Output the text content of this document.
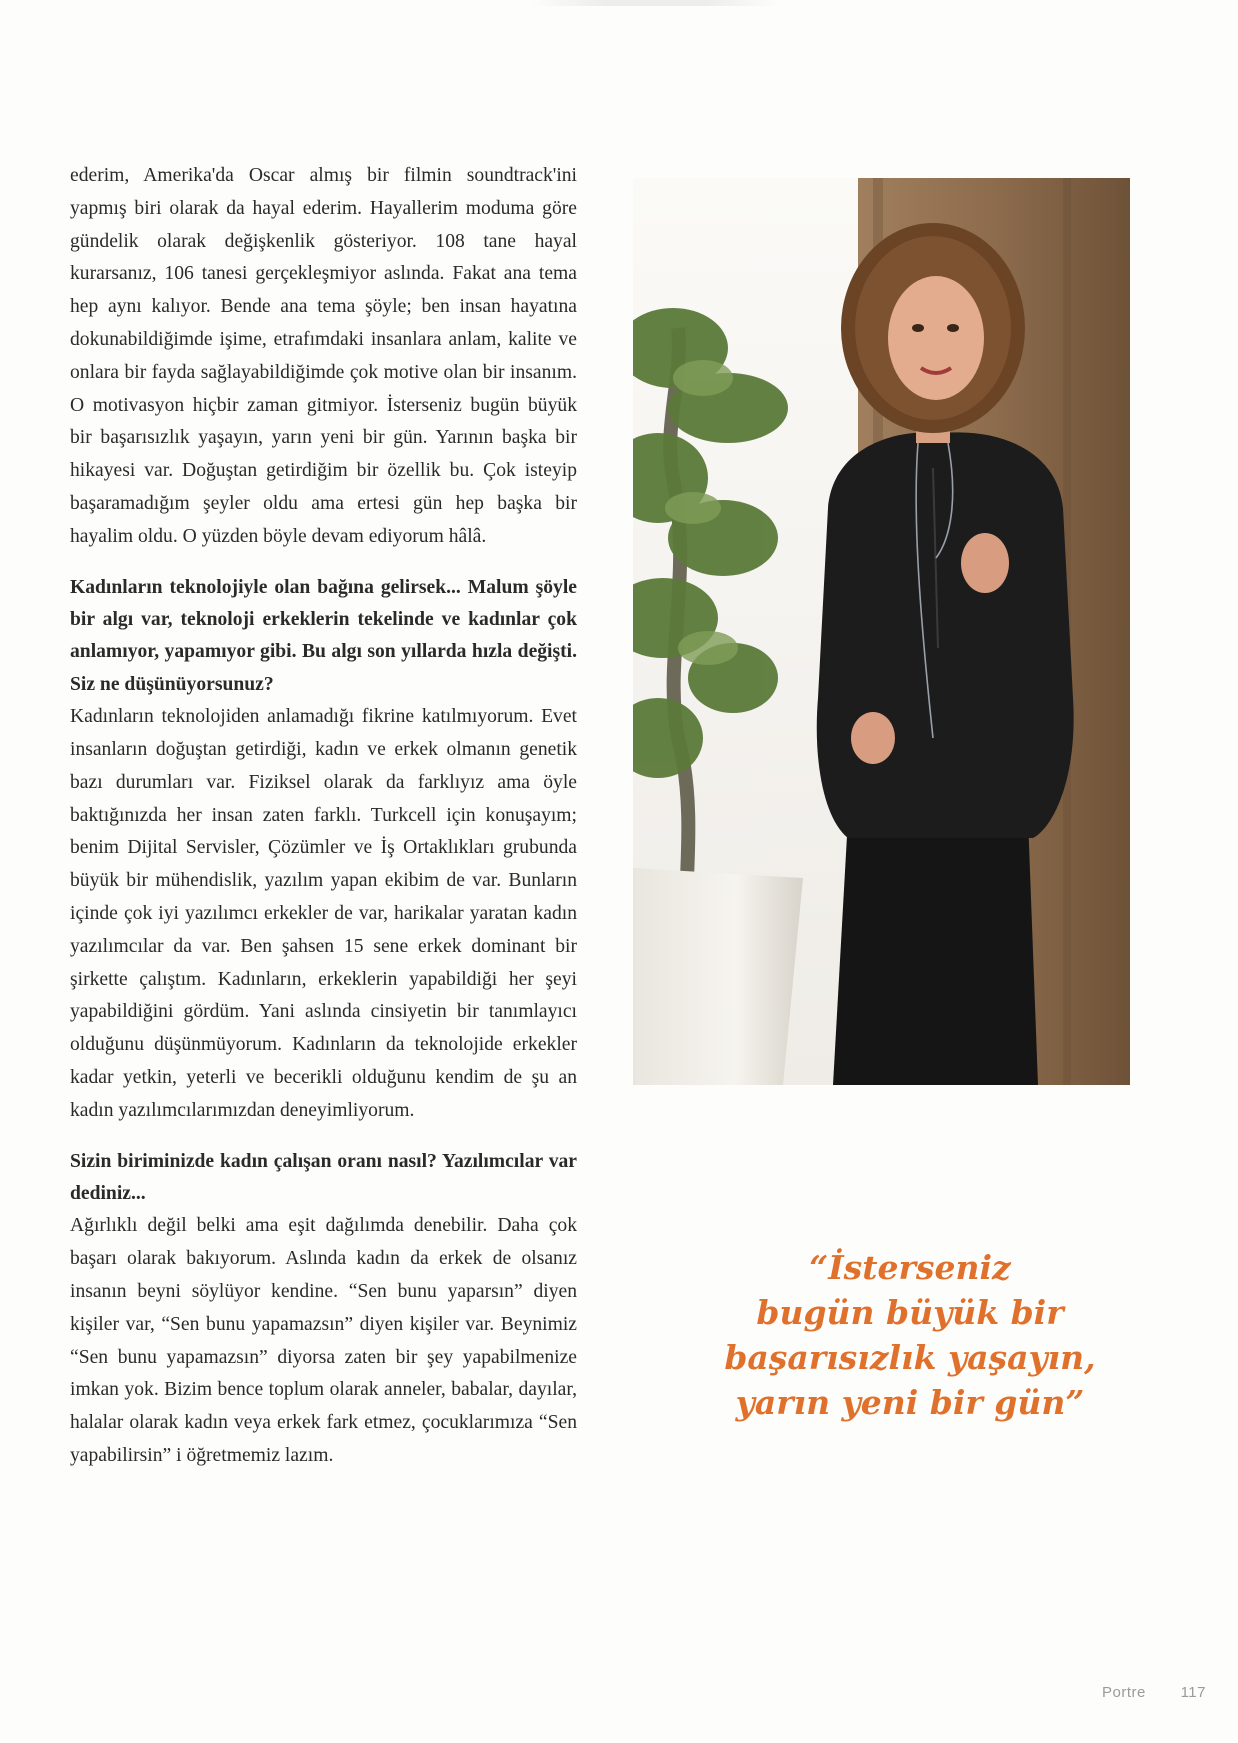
ederim, Amerika'da Oscar almış bir filmin soundtrack'ini yapmış biri olarak da hayal ederim. Hayallerim moduma göre gündelik olarak değişkenlik gösteriyor. 108 tane hayal kurarsanız, 106 tanesi gerçekleşmiyor aslında. Fakat ana tema hep aynı kalıyor. Bende ana tema şöyle; ben insan hayatına dokunabildiğimde işime, etrafımdaki insanlara anlam, kalite ve onlara bir fayda sağlayabildiğimde çok motive olan bir insanım. O motivasyon hiçbir zaman gitmiyor. İsterseniz bugün büyük bir başarısızlık yaşayın, yarın yeni bir gün. Yarının başka bir hikayesi var. Doğuştan getirdiğim bir özellik bu. Çok isteyip başaramadığım şeyler oldu ama ertesi gün hep başka bir hayalim oldu. O yüzden böyle devam ediyorum hâlâ.

Kadınların teknolojiyle olan bağına gelirsek... Malum şöyle bir algı var, teknoloji erkeklerin tekelinde ve kadınlar çok anlamıyor, yapamıyor gibi. Bu algı son yıllarda hızla değişti. Siz ne düşünüyorsunuz?

Kadınların teknolojiden anlamadığı fikrine katılmıyorum. Evet insanların doğuştan getirdiği, kadın ve erkek olmanın genetik bazı durumları var. Fiziksel olarak da farklıyız ama öyle baktığınızda her insan zaten farklı. Turkcell için konuşayım; benim Dijital Servisler, Çözümler ve İş Ortaklıkları grubunda büyük bir mühendislik, yazılım yapan ekibim de var. Bunların içinde çok iyi yazılımcı erkekler de var, harikalar yaratan kadın yazılımcılar da var. Ben şahsen 15 sene erkek dominant bir şirkette çalıştım. Kadınların, erkeklerin yapabildiği her şeyi yapabildiğini gördüm. Yani aslında cinsiyetin bir tanımlayıcı olduğunu düşünmüyorum. Kadınların da teknolojide erkekler kadar yetkin, yeterli ve becerikli olduğunu kendim de şu an kadın yazılımcılarımızdan deneyimliyorum.

Sizin biriminizde kadın çalışan oranı nasıl? Yazılımcılar var dediniz...

Ağırlıklı değil belki ama eşit dağılımda denebilir. Daha çok başarı olarak bakıyorum. Aslında kadın da erkek de olsanız insanın beyni söylüyor kendine. “Sen bunu yaparsın” diyen kişiler var, “Sen bunu yapamazsın” diyen kişiler var. Beynimiz “Sen bunu yapamazsın” diyorsa zaten bir şey yapabilmenize imkan yok. Bizim bence toplum olarak anneler, babalar, dayılar, halalar olarak kadın veya erkek fark etmez, çocuklarımıza “Sen yapabilirsin” i öğretmemiz lazım.

“İsterseniz
bugün büyük bir
başarısızlık yaşayın,
yarın yeni bir gün”
Portre 117
